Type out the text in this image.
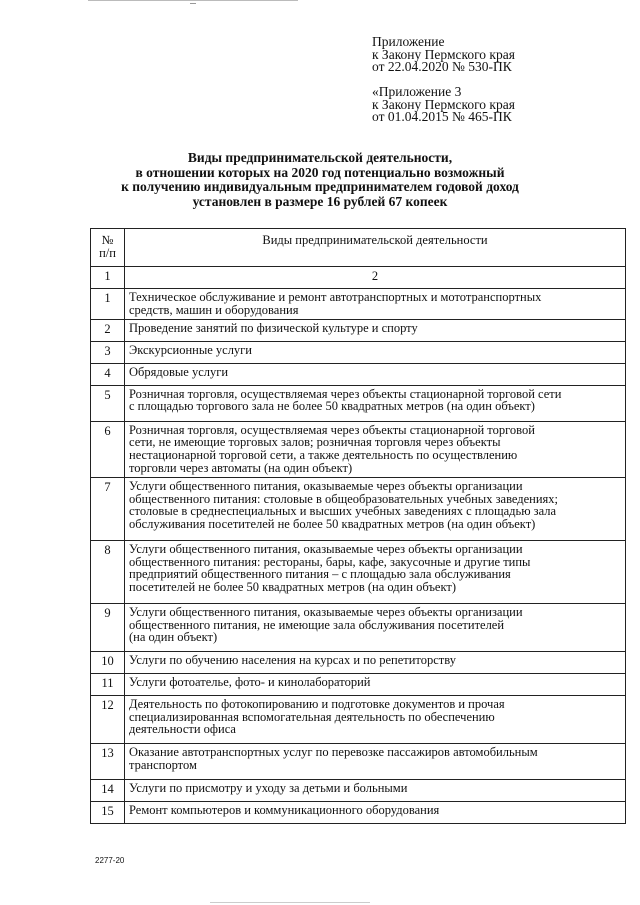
Приложение
к Закону Пермского края
от 22.04.2020 № 530-ПК
«Приложение 3
к Закону Пермского края
от 01.04.2015 № 465-ПК
Виды предпринимательской деятельности,
в отношении которых на 2020 год потенциально возможный
к получению индивидуальным предпринимателем годовой доход
установлен в размере 16 рублей 67 копеек
№
п/п	Виды предпринимательской деятельности
1	2
1	Техническое обслуживание и ремонт автотранспортных и мототранспортных
средств, машин и оборудования

2	Проведение занятий по физической культуре и спорту

3	Экскурсионные услуги

4	Обрядовые услуги

5	Розничная торговля, осуществляемая через объекты стационарной торговой сети
с площадью торгового зала не более 50 квадратных метров (на один объект)

6	Розничная торговля, осуществляемая через объекты стационарной торговой
сети, не имеющие торговых залов; розничная торговля через объекты
нестационарной торговой сети, а также деятельность по осуществлению
торговли через автоматы (на один объект)

7	Услуги общественного питания, оказываемые через объекты организации
общественного питания: столовые в общеобразовательных учебных заведениях;
столовые в среднеспециальных и высших учебных заведениях с площадью зала
обслуживания посетителей не более 50 квадратных метров (на один объект)

8	Услуги общественного питания, оказываемые через объекты организации
общественного питания: рестораны, бары, кафе, закусочные и другие типы
предприятий общественного питания – с площадью зала обслуживания
посетителей не более 50 квадратных метров (на один объект)

9	Услуги общественного питания, оказываемые через объекты организации
общественного питания, не имеющие зала обслуживания посетителей
(на один объект)

10	Услуги по обучению населения на курсах и по репетиторству

11	Услуги фотоателье, фото- и кинолабораторий

12	Деятельность по фотокопированию и подготовке документов и прочая
специализированная вспомогательная деятельность по обеспечению
деятельности офиса

13	Оказание автотранспортных услуг по перевозке пассажиров автомобильным
транспортом

14	Услуги по присмотру и уходу за детьми и больными

15	Ремонт компьютеров и коммуникационного оборудования
2277-20
